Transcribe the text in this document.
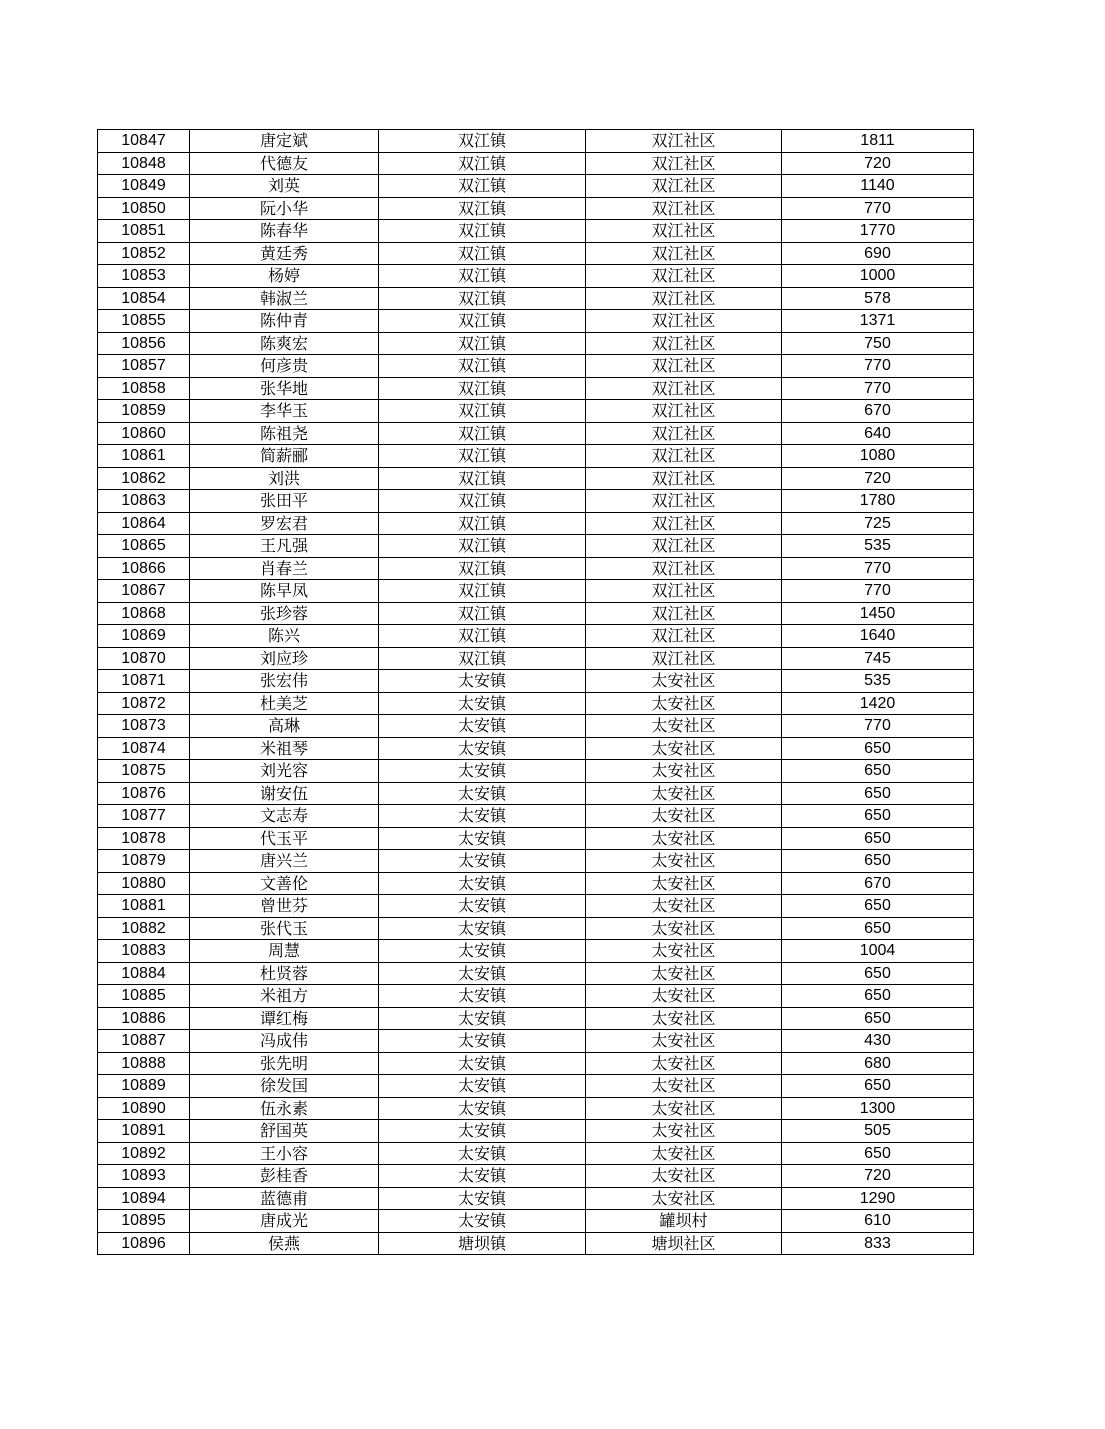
10847	唐定斌	双江镇	双江社区	1811
10848	代德友	双江镇	双江社区	720
10849	刘英	双江镇	双江社区	1140
10850	阮小华	双江镇	双江社区	770
10851	陈春华	双江镇	双江社区	1770
10852	黄廷秀	双江镇	双江社区	690
10853	杨婷	双江镇	双江社区	1000
10854	韩淑兰	双江镇	双江社区	578
10855	陈仲青	双江镇	双江社区	1371
10856	陈爽宏	双江镇	双江社区	750
10857	何彦贵	双江镇	双江社区	770
10858	张华地	双江镇	双江社区	770
10859	李华玉	双江镇	双江社区	670
10860	陈祖尧	双江镇	双江社区	640
10861	简薪郦	双江镇	双江社区	1080
10862	刘洪	双江镇	双江社区	720
10863	张田平	双江镇	双江社区	1780
10864	罗宏君	双江镇	双江社区	725
10865	王凡强	双江镇	双江社区	535
10866	肖春兰	双江镇	双江社区	770
10867	陈早凤	双江镇	双江社区	770
10868	张珍蓉	双江镇	双江社区	1450
10869	陈兴	双江镇	双江社区	1640
10870	刘应珍	双江镇	双江社区	745
10871	张宏伟	太安镇	太安社区	535
10872	杜美芝	太安镇	太安社区	1420
10873	高琳	太安镇	太安社区	770
10874	米祖琴	太安镇	太安社区	650
10875	刘光容	太安镇	太安社区	650
10876	谢安伍	太安镇	太安社区	650
10877	文志寿	太安镇	太安社区	650
10878	代玉平	太安镇	太安社区	650
10879	唐兴兰	太安镇	太安社区	650
10880	文善伦	太安镇	太安社区	670
10881	曾世芬	太安镇	太安社区	650
10882	张代玉	太安镇	太安社区	650
10883	周慧	太安镇	太安社区	1004
10884	杜贤蓉	太安镇	太安社区	650
10885	米祖方	太安镇	太安社区	650
10886	谭红梅	太安镇	太安社区	650
10887	冯成伟	太安镇	太安社区	430
10888	张先明	太安镇	太安社区	680
10889	徐发国	太安镇	太安社区	650
10890	伍永素	太安镇	太安社区	1300
10891	舒国英	太安镇	太安社区	505
10892	王小容	太安镇	太安社区	650
10893	彭桂香	太安镇	太安社区	720
10894	蓝德甫	太安镇	太安社区	1290
10895	唐成光	太安镇	罐坝村	610
10896	侯燕	塘坝镇	塘坝社区	833
